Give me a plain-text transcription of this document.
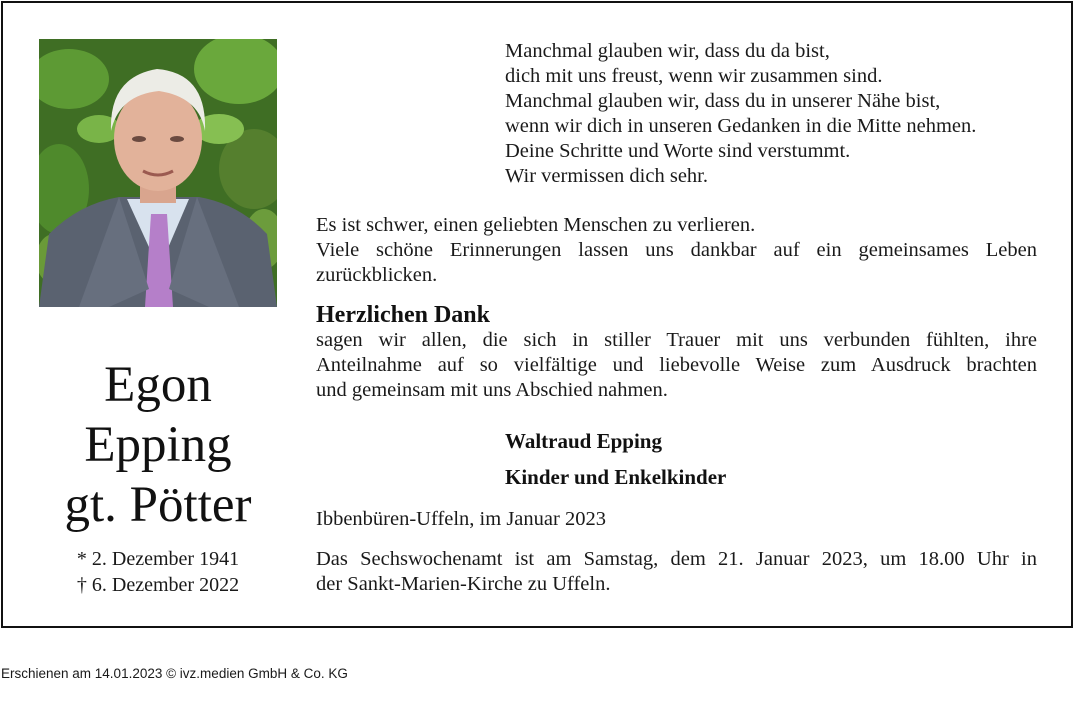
Egon
Epping
gt. Pötter
* 2. Dezember 1941
† 6. Dezember 2022
Manchmal glauben wir, dass du da bist,
dich mit uns freust, wenn wir zusammen sind.
Manchmal glauben wir, dass du in unserer Nähe bist,
wenn wir dich in unseren Gedanken in die Mitte nehmen.
Deine Schritte und Worte sind verstummt.
Wir vermissen dich sehr.
Es ist schwer, einen geliebten Menschen zu verlieren.
Viele schöne Erinnerungen lassen uns dankbar auf ein gemeinsames Leben
zurückblicken.
Herzlichen Dank
sagen wir allen, die sich in stiller Trauer mit uns verbunden fühlten, ihre
Anteilnahme auf so vielfältige und liebevolle Weise zum Ausdruck brachten
und gemeinsam mit uns Abschied nahmen.
Waltraud Epping
Kinder und Enkelkinder
Ibbenbüren-Uffeln, im Januar 2023
Das Sechswochenamt ist am Samstag, dem 21. Januar 2023, um 18.00 Uhr in
der Sankt-Marien-Kirche zu Uffeln.
Erschienen am 14.01.2023 © ivz.medien GmbH & Co. KG
